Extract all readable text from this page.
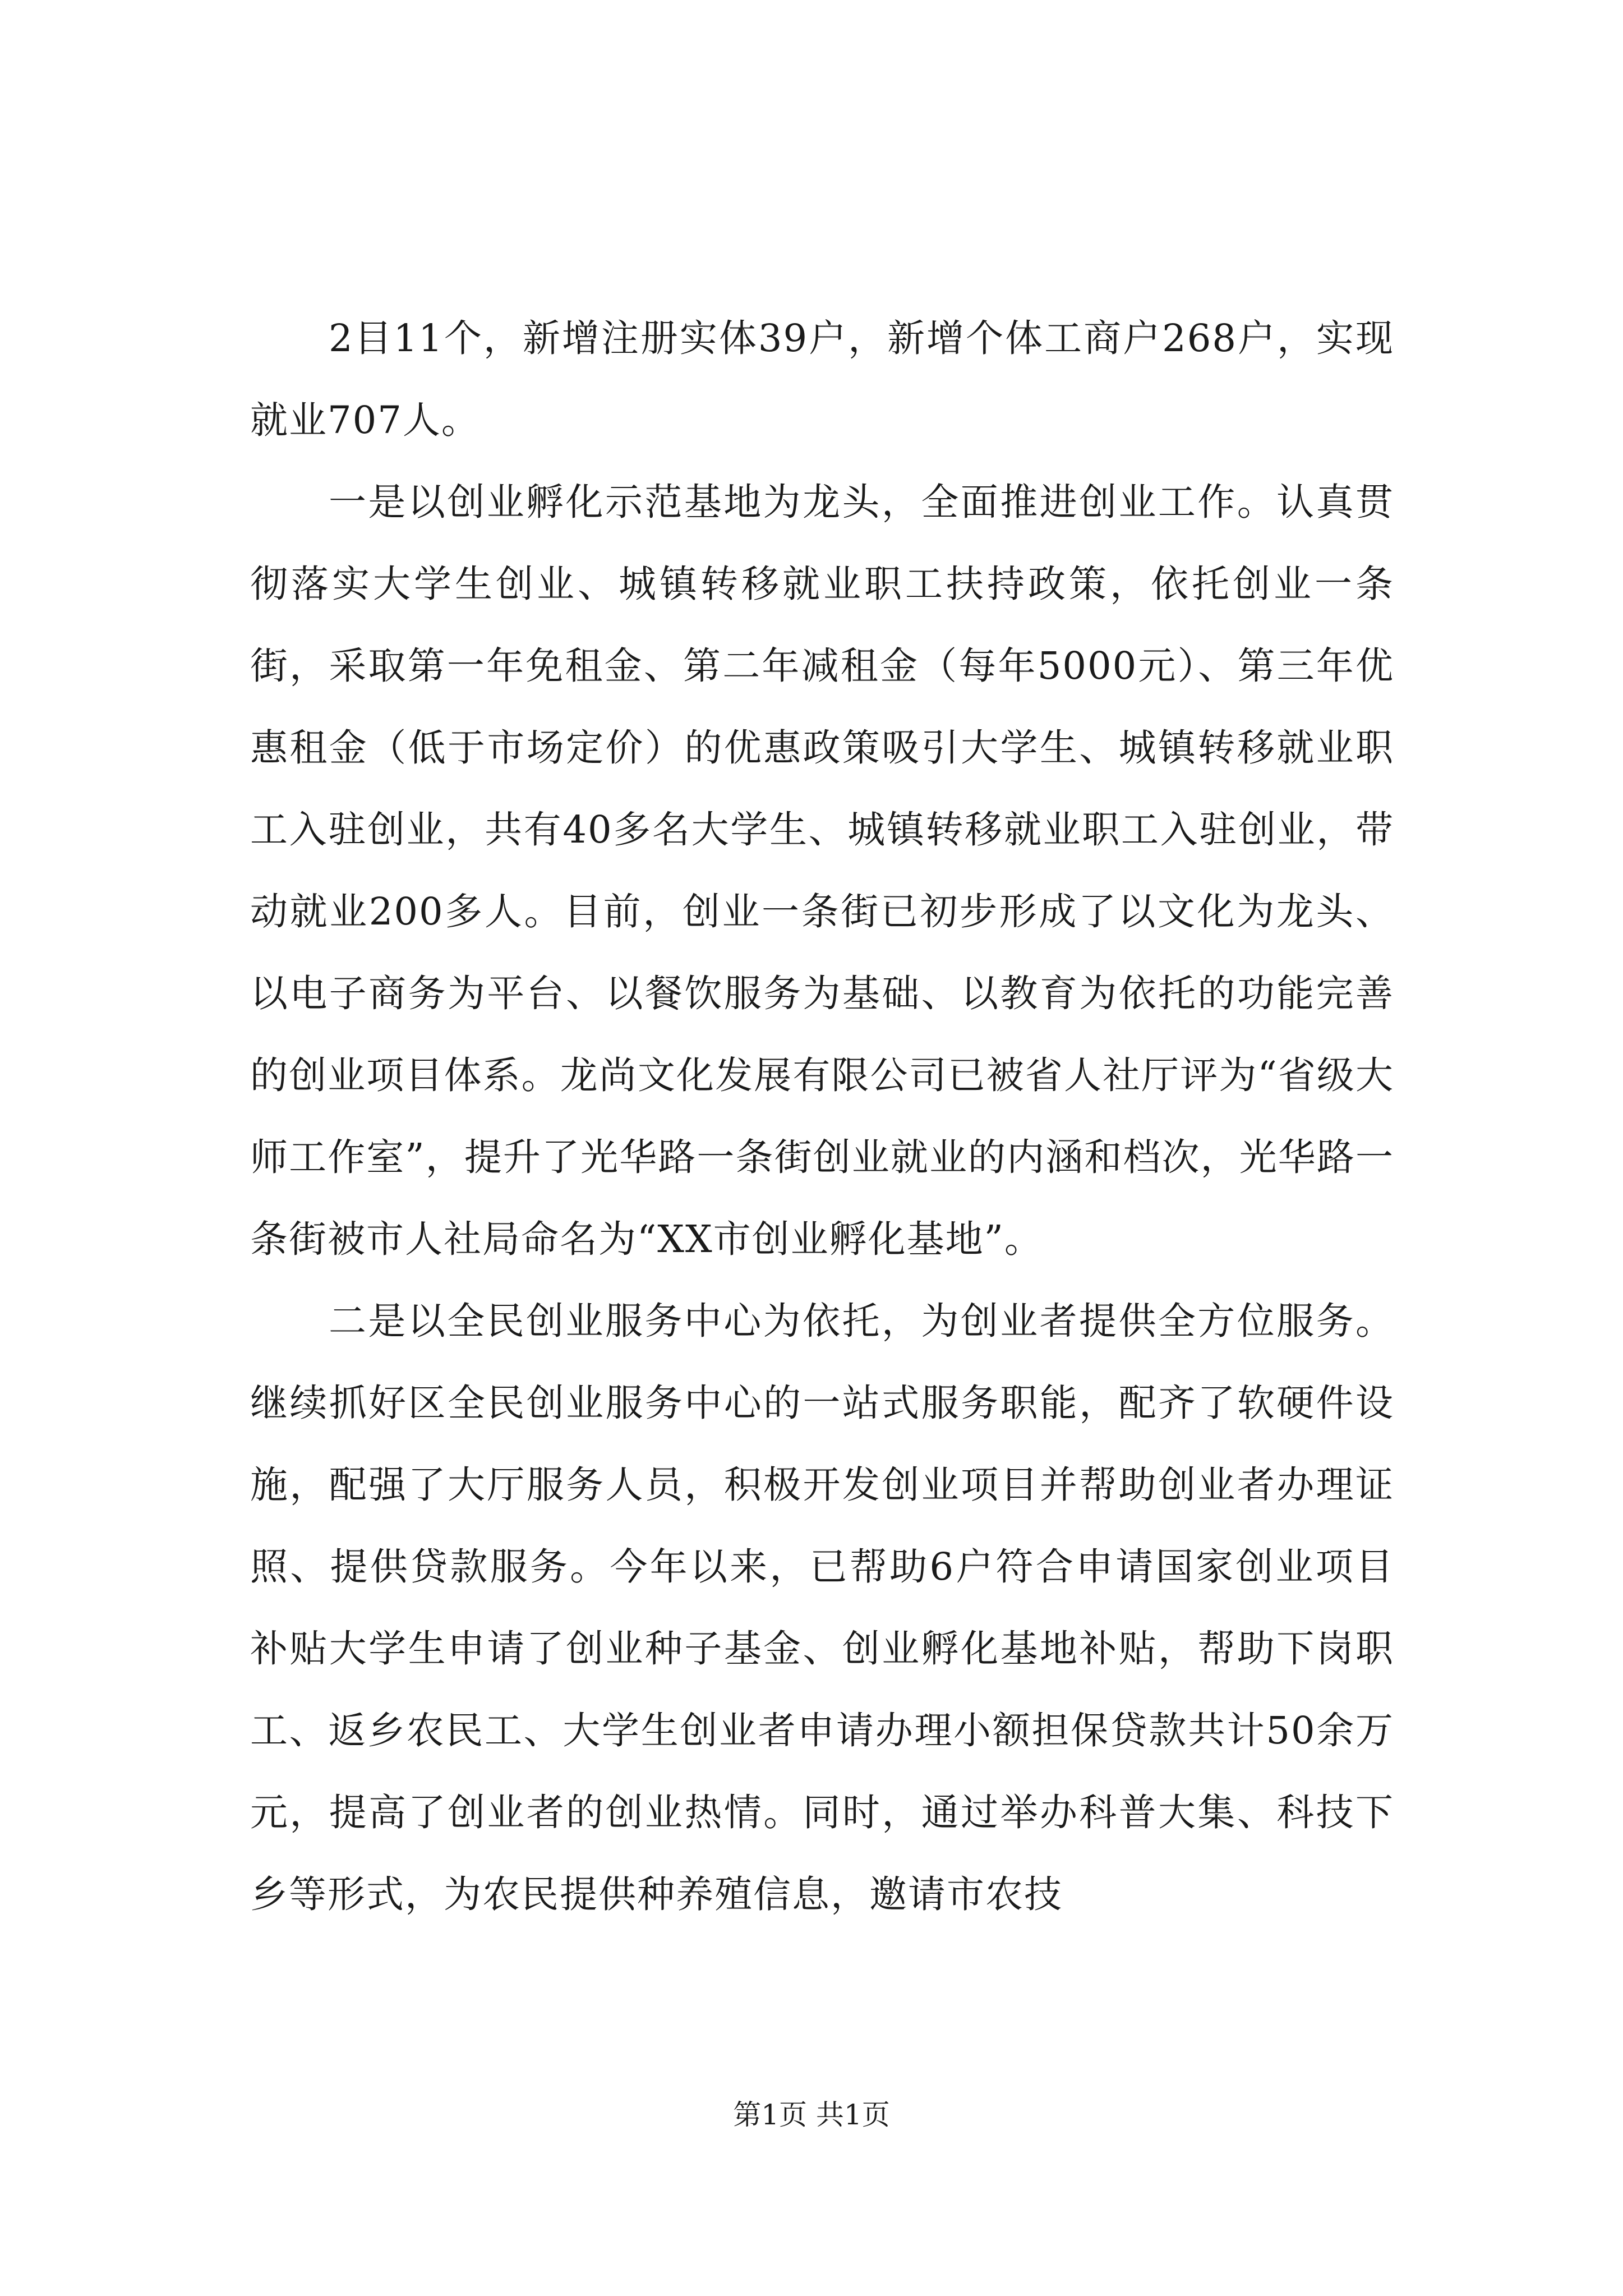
2目11个，新增注册实体39户，新增个体工商户268户，实现就业707人。

一是以创业孵化示范基地为龙头，全面推进创业工作。认真贯彻落实大学生创业、城镇转移就业职工扶持政策，依托创业一条街，采取第一年免租金、第二年减租金（每年5000元）、第三年优惠租金（低于市场定价）的优惠政策吸引大学生、城镇转移就业职工入驻创业，共有40多名大学生、城镇转移就业职工入驻创业，带动就业200多人。目前，创业一条街已初步形成了以文化为龙头、以电子商务为平台、以餐饮服务为基础、以教育为依托的功能完善的创业项目体系。龙尚文化发展有限公司已被省人社厅评为“省级大师工作室”，提升了光华路一条街创业就业的内涵和档次，光华路一条街被市人社局命名为“XX市创业孵化基地”。

二是以全民创业服务中心为依托，为创业者提供全方位服务。继续抓好区全民创业服务中心的一站式服务职能，配齐了软硬件设施，配强了大厅服务人员，积极开发创业项目并帮助创业者办理证照、提供贷款服务。今年以来，已帮助6户符合申请国家创业项目补贴大学生申请了创业种子基金、创业孵化基地补贴，帮助下岗职工、返乡农民工、大学生创业者申请办理小额担保贷款共计50余万元，提高了创业者的创业热情。同时，通过举办科普大集、科技下乡等形式，为农民提供种养殖信息，邀请市农技

第1页 共1页
